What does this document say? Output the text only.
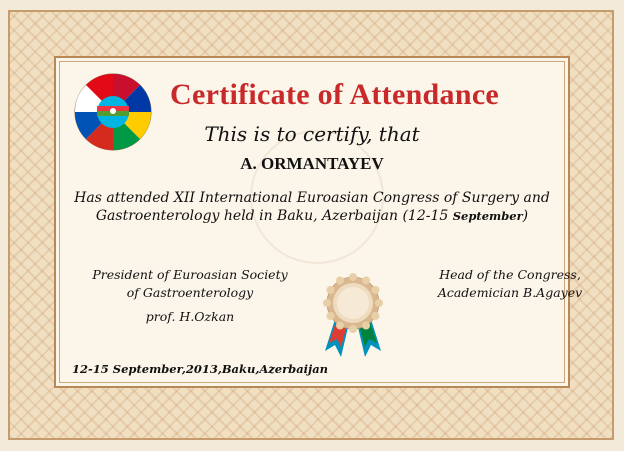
Certificate of Attendance
This is to certify, that
A. ORMANTAYEV
Has attended XII International Euroasian Congress of Surgery and
Gastroenterology held in Baku, Azerbaijan (12-15 September)
President of Euroasian Society
of Gastroenterology
prof. H.Ozkan
Head of the Congress,
Academician B.Agayev
12-15 September,2013,Baku,Azerbaijan
